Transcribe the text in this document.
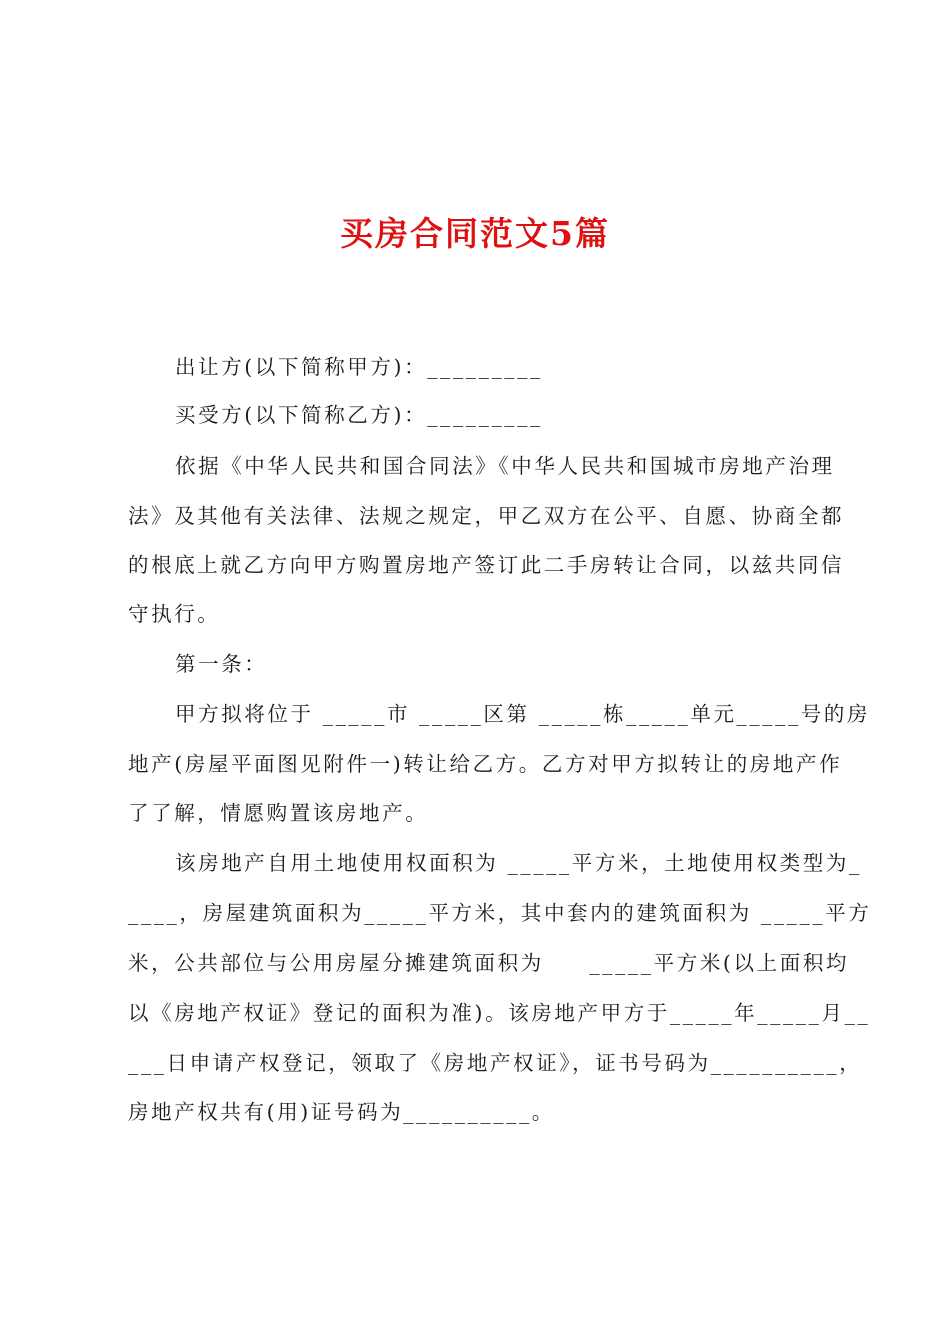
买房合同范文5篇

出让方(以下简称甲方)：_________

买受方(以下简称乙方)：_________

依据《中华人民共和国合同法》《中华人民共和国城市房地产治理

法》及其他有关法律、法规之规定，甲乙双方在公平、自愿、协商全都

的根底上就乙方向甲方购置房地产签订此二手房转让合同，以兹共同信

守执行。

第一条：

甲方拟将位于 _____市 _____区第 _____栋_____单元_____号的房

地产(房屋平面图见附件一)转让给乙方。乙方对甲方拟转让的房地产作

了了解，情愿购置该房地产。

该房地产自用土地使用权面积为 _____平方米，土地使用权类型为_

____，房屋建筑面积为_____平方米，其中套内的建筑面积为 _____平方

米，公共部位与公用房屋分摊建筑面积为     _____平方米(以上面积均

以《房地产权证》登记的面积为准)。该房地产甲方于_____年_____月__

___日申请产权登记，领取了《房地产权证》，证书号码为__________，

房地产权共有(用)证号码为__________。
